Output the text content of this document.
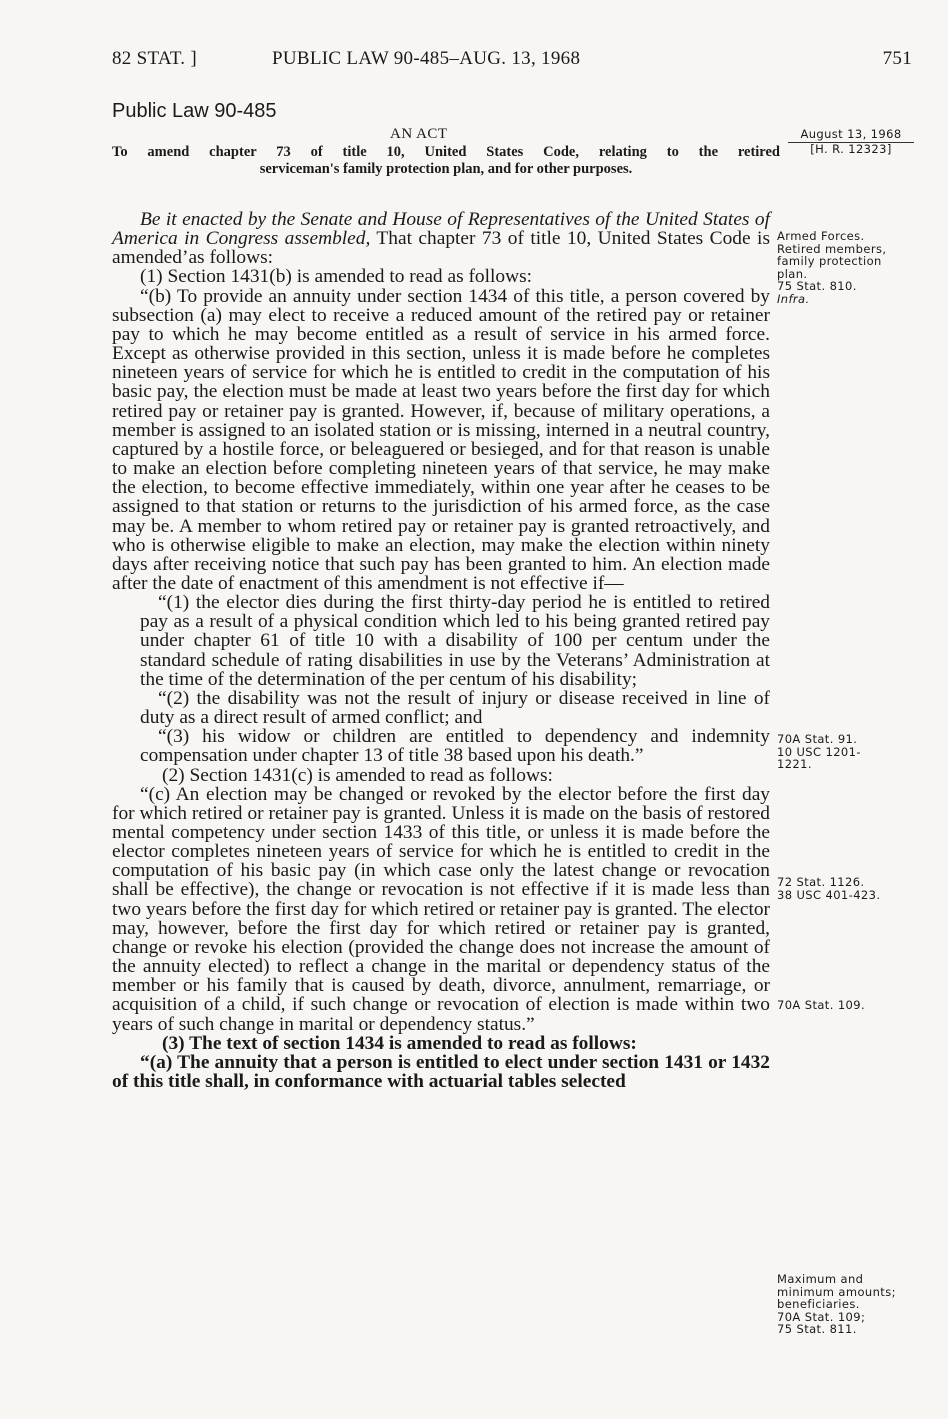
82 STAT. ]	PUBLIC LAW 90-485–AUG. 13, 1968	751
Public Law 90-485
AN ACT
To amend chapter 73 of title 10, United States Code, relating to the retired
serviceman's family protection plan, and for other purposes.
Be it enacted by the Senate and House of Representatives of the United States of America in Congress assembled, That chapter 73 of title 10, United States Code is amended’as follows:
(1) Section 1431(b) is amended to read as follows:
“(b) To provide an annuity under section 1434 of this title, a person covered by subsection (a) may elect to receive a reduced amount of the retired pay or retainer pay to which he may become entitled as a result of service in his armed force. Except as otherwise provided in this section, unless it is made before he completes nineteen years of service for which he is entitled to credit in the computation of his basic pay, the election must be made at least two years before the first day for which retired pay or retainer pay is granted. However, if, because of military operations, a member is assigned to an isolated station or is missing, interned in a neutral country, captured by a hostile force, or beleaguered or besieged, and for that reason is unable to make an election before completing nineteen years of that service, he may make the election, to become effective immediately, within one year after he ceases to be assigned to that station or returns to the jurisdiction of his armed force, as the case may be. A member to whom retired pay or retainer pay is granted retroactively, and who is otherwise eligible to make an election, may make the election within ninety days after receiving notice that such pay has been granted to him. An election made after the date of enactment of this amendment is not effective if—
“(1) the elector dies during the first thirty-day period he is entitled to retired pay as a result of a physical condition which led to his being granted retired pay under chapter 61 of title 10 with a disability of 100 per centum under the standard schedule of rating disabilities in use by the Veterans’ Administration at the time of the determination of the per centum of his disability;
“(2) the disability was not the result of injury or disease received in line of duty as a direct result of armed conflict; and
“(3) his widow or children are entitled to dependency and indemnity compensation under chapter 13 of title 38 based upon his death.”
(2) Section 1431(c) is amended to read as follows:
“(c) An election may be changed or revoked by the elector before the first day for which retired or retainer pay is granted. Unless it is made on the basis of restored mental competency under section 1433 of this title, or unless it is made before the elector completes nineteen years of service for which he is entitled to credit in the computation of his basic pay (in which case only the latest change or revocation shall be effective), the change or revocation is not effective if it is made less than two years before the first day for which retired or retainer pay is granted. The elector may, however, before the first day for which retired or retainer pay is granted, change or revoke his election (provided the change does not increase the amount of the annuity elected) to reflect a change in the marital or dependency status of the member or his family that is caused by death, divorce, annulment, remarriage, or acquisition of a child, if such change or revocation of election is made within two years of such change in marital or dependency status.”
(3) The text of section 1434 is amended to read as follows:
“(a) The annuity that a person is entitled to elect under section 1431 or 1432 of this title shall, in conformance with actuarial tables selected
August 13, 1968
[H. R. 12323]
Armed Forces.
Retired members,
family protection
plan.
75 Stat. 810.
Infra.
70A Stat. 91.
10 USC 1201-
1221.
72 Stat. 1126.
38 USC 401-423.
70A Stat. 109.
Maximum and
minimum amounts;
beneficiaries.
70A Stat. 109;
75 Stat. 811.
